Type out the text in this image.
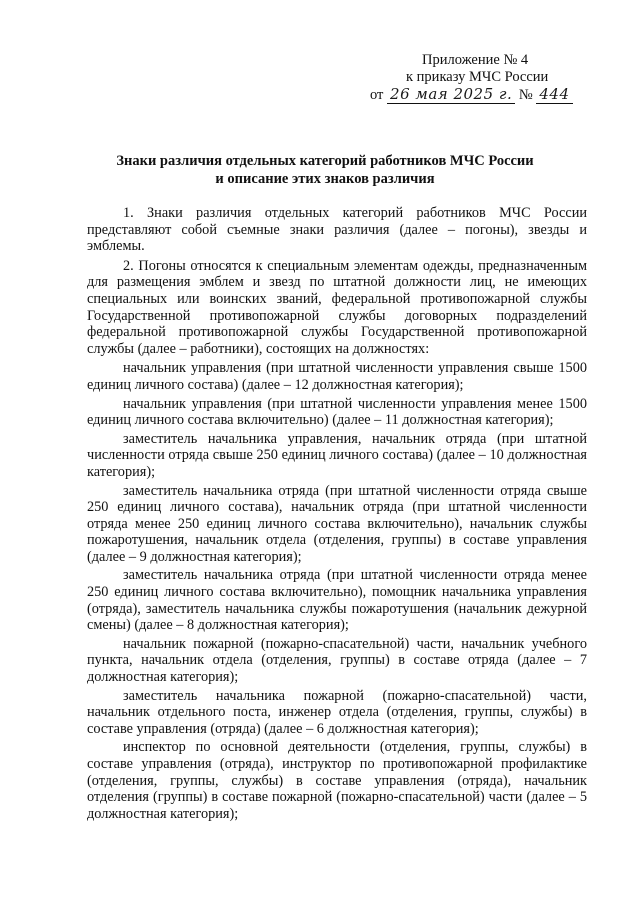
Приложение № 4
к приказу МЧС России
от 26 мая 2025 г. № 444
Знаки различия отдельных категорий работников МЧС России
и описание этих знаков различия

1. Знаки различия отдельных категорий работников МЧС России представляют собой съемные знаки различия (далее – погоны), звезды и эмблемы.

2. Погоны относятся к специальным элементам одежды, предназначенным для размещения эмблем и звезд по штатной должности лиц, не имеющих специальных или воинских званий, федеральной противопожарной службы Государственной противопожарной службы договорных подразделений федеральной противопожарной службы Государственной противопожарной службы (далее – работники), состоящих на должностях:

начальник управления (при штатной численности управления свыше 1500 единиц личного состава) (далее – 12 должностная категория);

начальник управления (при штатной численности управления менее 1500 единиц личного состава включительно) (далее – 11 должностная категория);

заместитель начальника управления, начальник отряда (при штатной численности отряда свыше 250 единиц личного состава) (далее – 10 должностная категория);

заместитель начальника отряда (при штатной численности отряда свыше 250 единиц личного состава), начальник отряда (при штатной численности отряда менее 250 единиц личного состава включительно), начальник службы пожаротушения, начальник отдела (отделения, группы) в составе управления (далее – 9 должностная категория);

заместитель начальника отряда (при штатной численности отряда менее 250 единиц личного состава включительно), помощник начальника управления (отряда), заместитель начальника службы пожаротушения (начальник дежурной смены) (далее – 8 должностная категория);

начальник пожарной (пожарно-спасательной) части, начальник учебного пункта, начальник отдела (отделения, группы) в составе отряда (далее – 7 должностная категория);

заместитель начальника пожарной (пожарно-спасательной) части, начальник отдельного поста, инженер отдела (отделения, группы, службы) в составе управления (отряда) (далее – 6 должностная категория);

инспектор по основной деятельности (отделения, группы, службы) в составе управления (отряда), инструктор по противопожарной профилактике (отделения, группы, службы) в составе управления (отряда), начальник отделения (группы) в составе пожарной (пожарно-спасательной) части (далее – 5 должностная категория);
